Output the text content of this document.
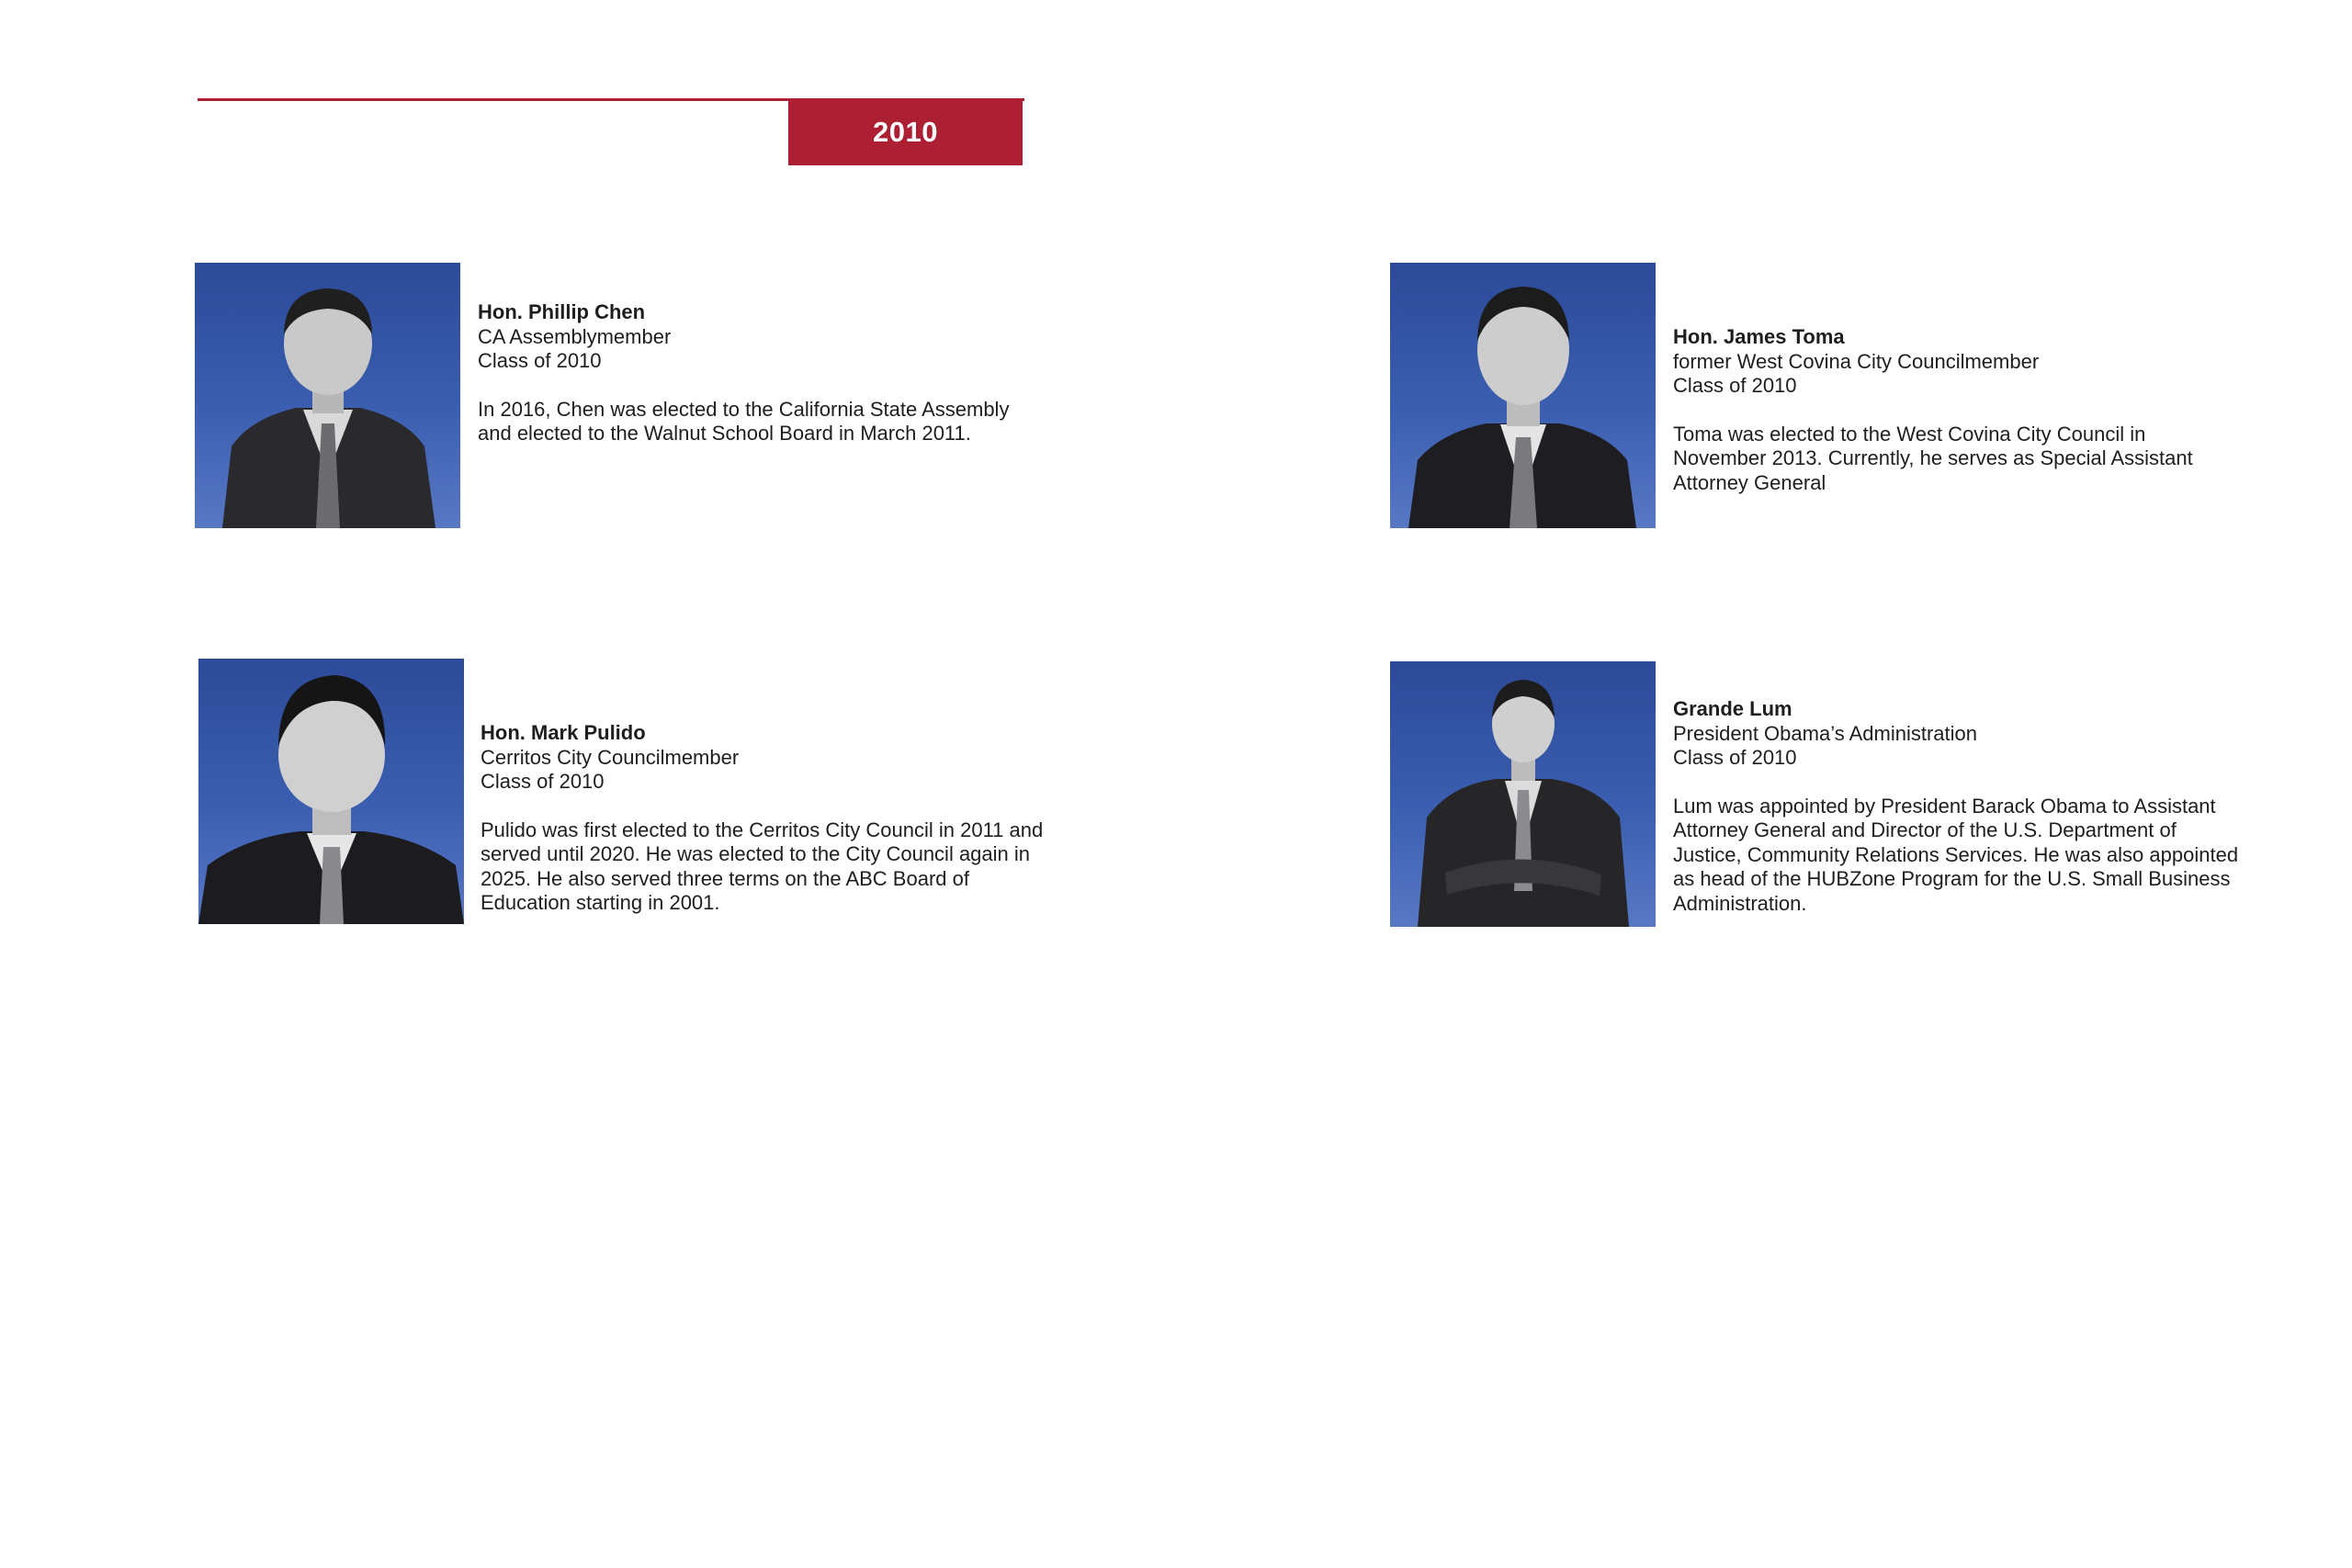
2010
Hon. Phillip Chen
CA Assemblymember
Class of 2010
In 2016, Chen was elected to the California State Assembly and elected to the Walnut School Board in March 2011.
Hon. James Toma
former West Covina City Councilmember
Class of 2010
Toma was elected to the West Covina City Council in November 2013. Currently, he serves as Special Assistant Attorney General
Hon. Mark Pulido
Cerritos City Councilmember
Class of 2010
Pulido was first elected to the Cerritos City Council in 2011 and served until 2020. He was elected to the City Council again in 2025. He also served three terms on the ABC Board of Education starting in 2001.
Grande Lum
President Obama’s Administration
Class of 2010
Lum was appointed by President Barack Obama to Assistant Attorney General and Director of the U.S. Department of Justice, Community Relations Services. He was also appointed as head of the HUBZone Program for the U.S. Small Business Administration.
